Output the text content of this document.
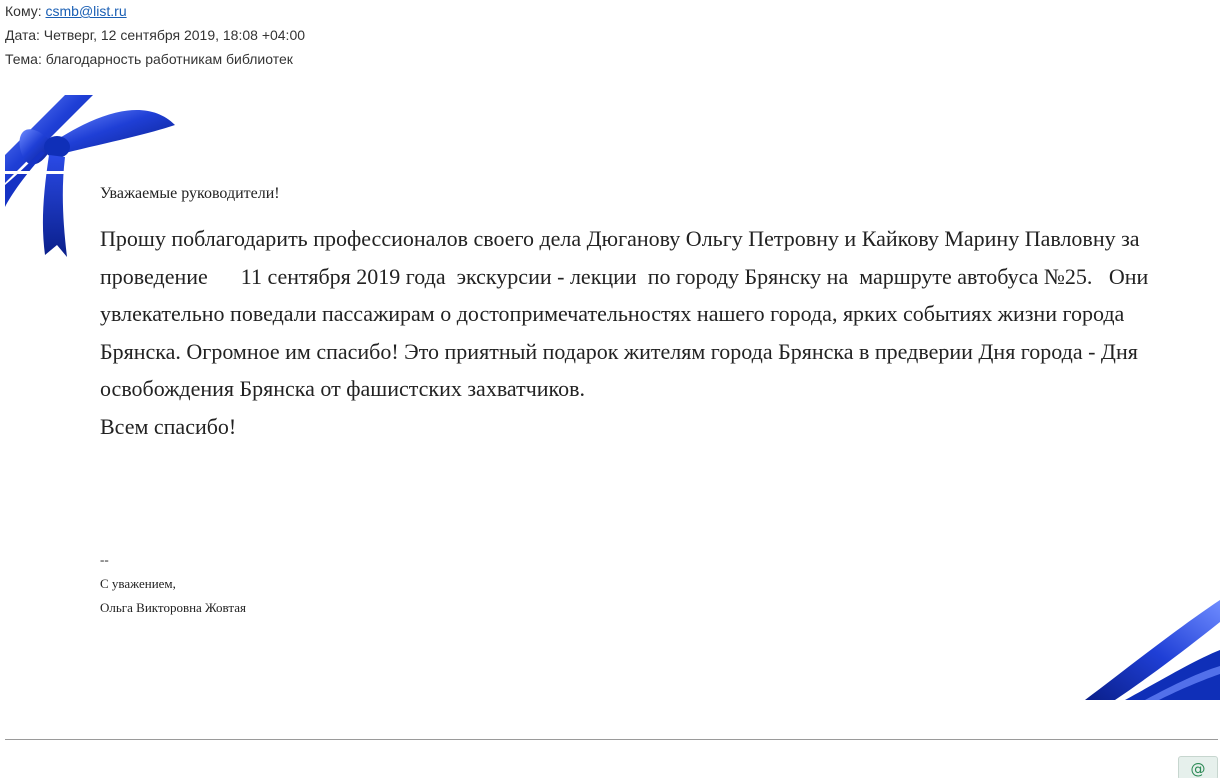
Кому: csmb@list.ru
Дата: Четверг, 12 сентября 2019, 18:08 +04:00
Тема: благодарность работникам библиотек

Уважаемые руководители!

Прошу поблагодарить профессионалов своего дела Дюганову Ольгу Петровну и Кайкову Марину Павловну за проведение      11 сентября 2019 года  экскурсии - лекции  по городу Брянску на  маршруте автобуса №25.   Они увлекательно поведали пассажирам о достопримечательностях нашего города, ярких событиях жизни города Брянска. Огромное им спасибо! Это приятный подарок жителям города Брянска в предверии Дня города - Дня освобождения Брянска от фашистских захватчиков.

Всем спасибо!

--
С уважением,
Ольга Викторовна Жовтая
@
